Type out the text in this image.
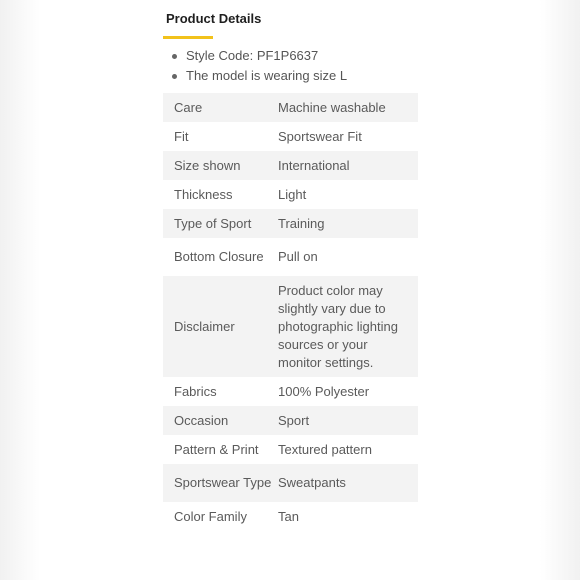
Product Details
Style Code: PF1P6637
The model is wearing size L
Care	Machine washable
Fit	Sportswear Fit
Size shown	International
Thickness	Light
Type of Sport	Training
Bottom Closure	Pull on
Disclaimer	Product color may slightly vary due to photographic lighting sources or your monitor settings.
Fabrics	100% Polyester
Occasion	Sport
Pattern & Print	Textured pattern
Sportswear Type	Sweatpants
Color Family	Tan
